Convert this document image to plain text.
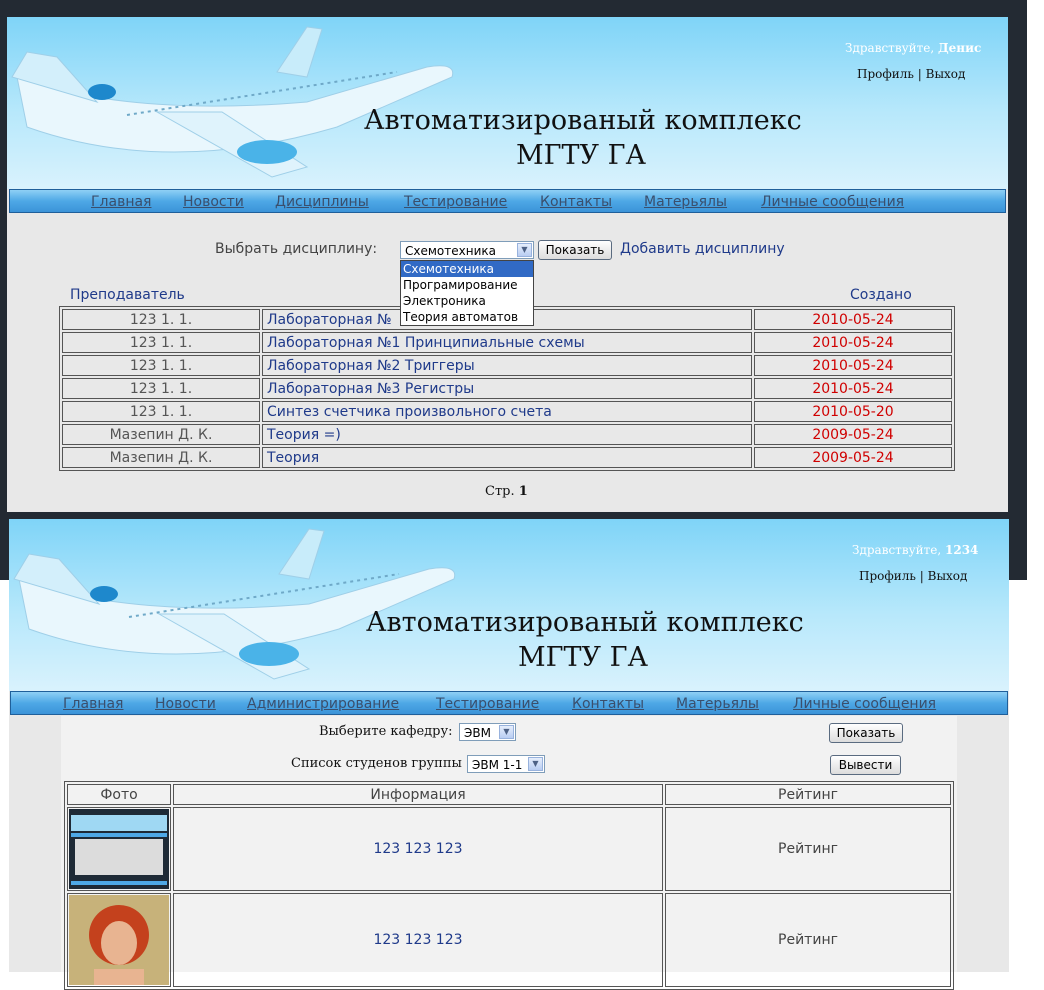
Автоматизированый комплекс
МГТУ ГА
Здравствуйте, Денис
Профиль | Выход
Главная Новости Дисциплины	Тестирование Контакты Матерьялы Личные сообщения
Выбрать дисциплину:	Схемотехника	▼	Показать	Добавить дисциплину
Преподаватель	Создано
Стр. 1
123 1. 1.	Лабораторная №	2010-05-24
123 1. 1.	Лабораторная №1 Принципиальные схемы	2010-05-24
123 1. 1.	Лабораторная №2 Триггеры	2010-05-24
123 1. 1.	Лабораторная №3 Регистры	2010-05-24
123 1. 1.	Синтез счетчика произвольного счета	2010-05-20
Мазепин Д. К.	Теория =)	2009-05-24
Мазепин Д. К.	Теория	2009-05-24
Схемотехника
Програмирование
Электроника
Теория автоматов
Автоматизированый комплекс
МГТУ ГА
Здравствуйте, 1234
Профиль | Выход
Главная Новости Администрирование	Тестирование Контакты Матерьялы Личные сообщения
Выберите кафедру: ЭВМ	▼	Показать
Список студенов группы ЭВМ 1-1	▼	Вывести
Фото	Информация	Рейтинг

	123 123 123	Рейтинг

	123 123 123	Рейтинг
